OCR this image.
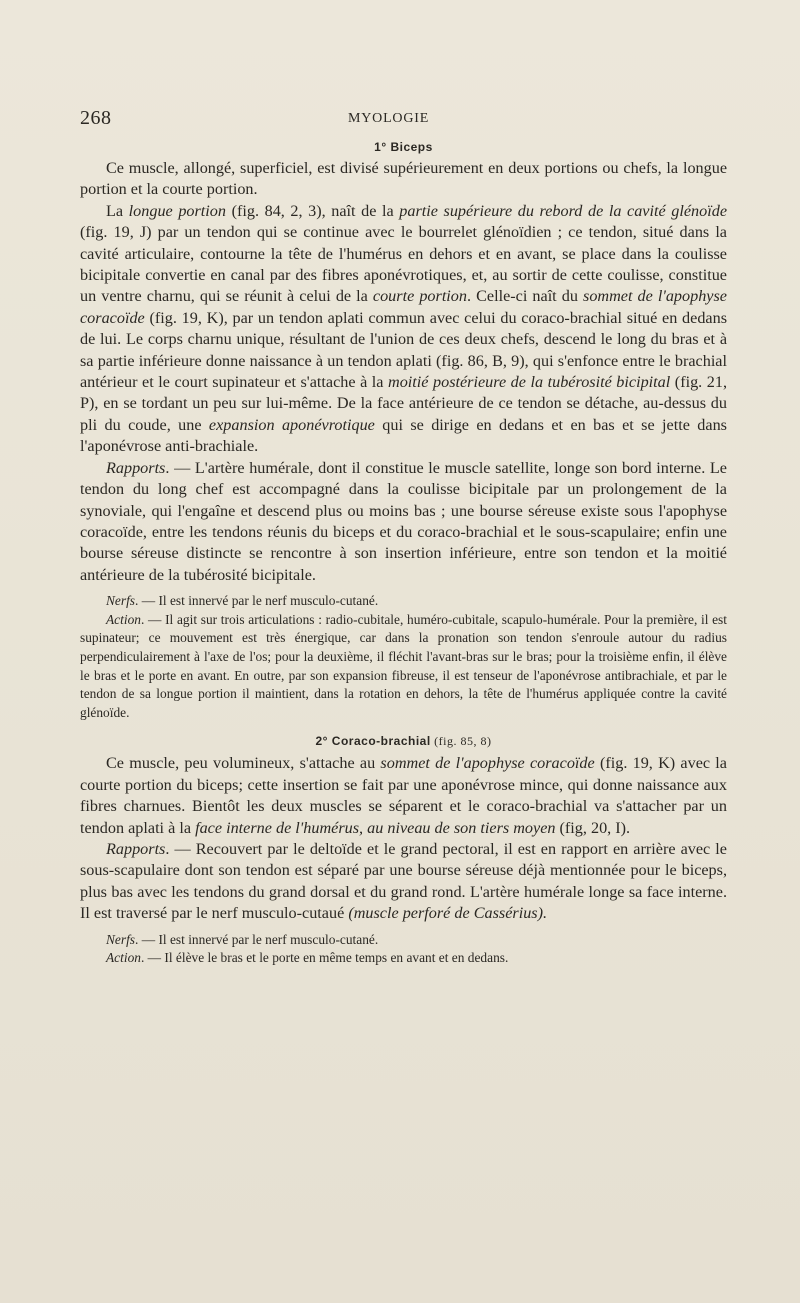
268	MYOLOGIE
1° Biceps

Ce muscle, allongé, superficiel, est divisé supérieurement en deux portions ou chefs, la longue portion et la courte portion.

La longue portion (fig. 84, 2, 3), naît de la partie supérieure du rebord de la cavité glénoïde (fig. 19, J) par un tendon qui se continue avec le bourrelet glénoïdien ; ce tendon, situé dans la cavité articulaire, contourne la tête de l'humérus en dehors et en avant, se place dans la coulisse bicipitale convertie en canal par des fibres aponévrotiques, et, au sortir de cette coulisse, constitue un ventre charnu, qui se réunit à celui de la courte portion. Celle-ci naît du sommet de l'apophyse coracoïde (fig. 19, K), par un tendon aplati commun avec celui du coraco-brachial situé en dedans de lui. Le corps charnu unique, résultant de l'union de ces deux chefs, descend le long du bras et à sa partie inférieure donne naissance à un tendon aplati (fig. 86, B, 9), qui s'enfonce entre le brachial antérieur et le court supinateur et s'attache à la moitié postérieure de la tubérosité bicipital (fig. 21, P), en se tordant un peu sur lui-même. De la face antérieure de ce tendon se détache, au-dessus du pli du coude, une expansion aponévrotique qui se dirige en dedans et en bas et se jette dans l'aponévrose anti-brachiale.

Rapports. — L'artère humérale, dont il constitue le muscle satellite, longe son bord interne. Le tendon du long chef est accompagné dans la coulisse bicipitale par un prolongement de la synoviale, qui l'engaîne et descend plus ou moins bas ; une bourse séreuse existe sous l'apophyse coracoïde, entre les tendons réunis du biceps et du coraco-brachial et le sous-scapulaire; enfin une bourse séreuse distincte se rencontre à son insertion inférieure, entre son tendon et la moitié antérieure de la tubérosité bicipitale.

Nerfs. — Il est innervé par le nerf musculo-cutané.

Action. — Il agit sur trois articulations : radio-cubitale, huméro-cubitale, scapulo-humérale. Pour la première, il est supinateur; ce mouvement est très énergique, car dans la pronation son tendon s'enroule autour du radius perpendiculairement à l'axe de l'os; pour la deuxième, il fléchit l'avant-bras sur le bras; pour la troisième enfin, il élève le bras et le porte en avant. En outre, par son expansion fibreuse, il est tenseur de l'aponévrose antibrachiale, et par le tendon de sa longue portion il maintient, dans la rotation en dehors, la tête de l'humérus appliquée contre la cavité glénoïde.

2° Coraco-brachial (fig. 85, 8)

Ce muscle, peu volumineux, s'attache au sommet de l'apophyse coracoïde (fig. 19, K) avec la courte portion du biceps; cette insertion se fait par une aponévrose mince, qui donne naissance aux fibres charnues. Bientôt les deux muscles se séparent et le coraco-brachial va s'attacher par un tendon aplati à la face interne de l'humérus, au niveau de son tiers moyen (fig, 20, I).

Rapports. — Recouvert par le deltoïde et le grand pectoral, il est en rapport en arrière avec le sous-scapulaire dont son tendon est séparé par une bourse séreuse déjà mentionnée pour le biceps, plus bas avec les tendons du grand dorsal et du grand rond. L'artère humérale longe sa face interne. Il est traversé par le nerf musculo-cutaué (muscle perforé de Cassérius).

Nerfs. — Il est innervé par le nerf musculo-cutané.

Action. — Il élève le bras et le porte en même temps en avant et en dedans.
